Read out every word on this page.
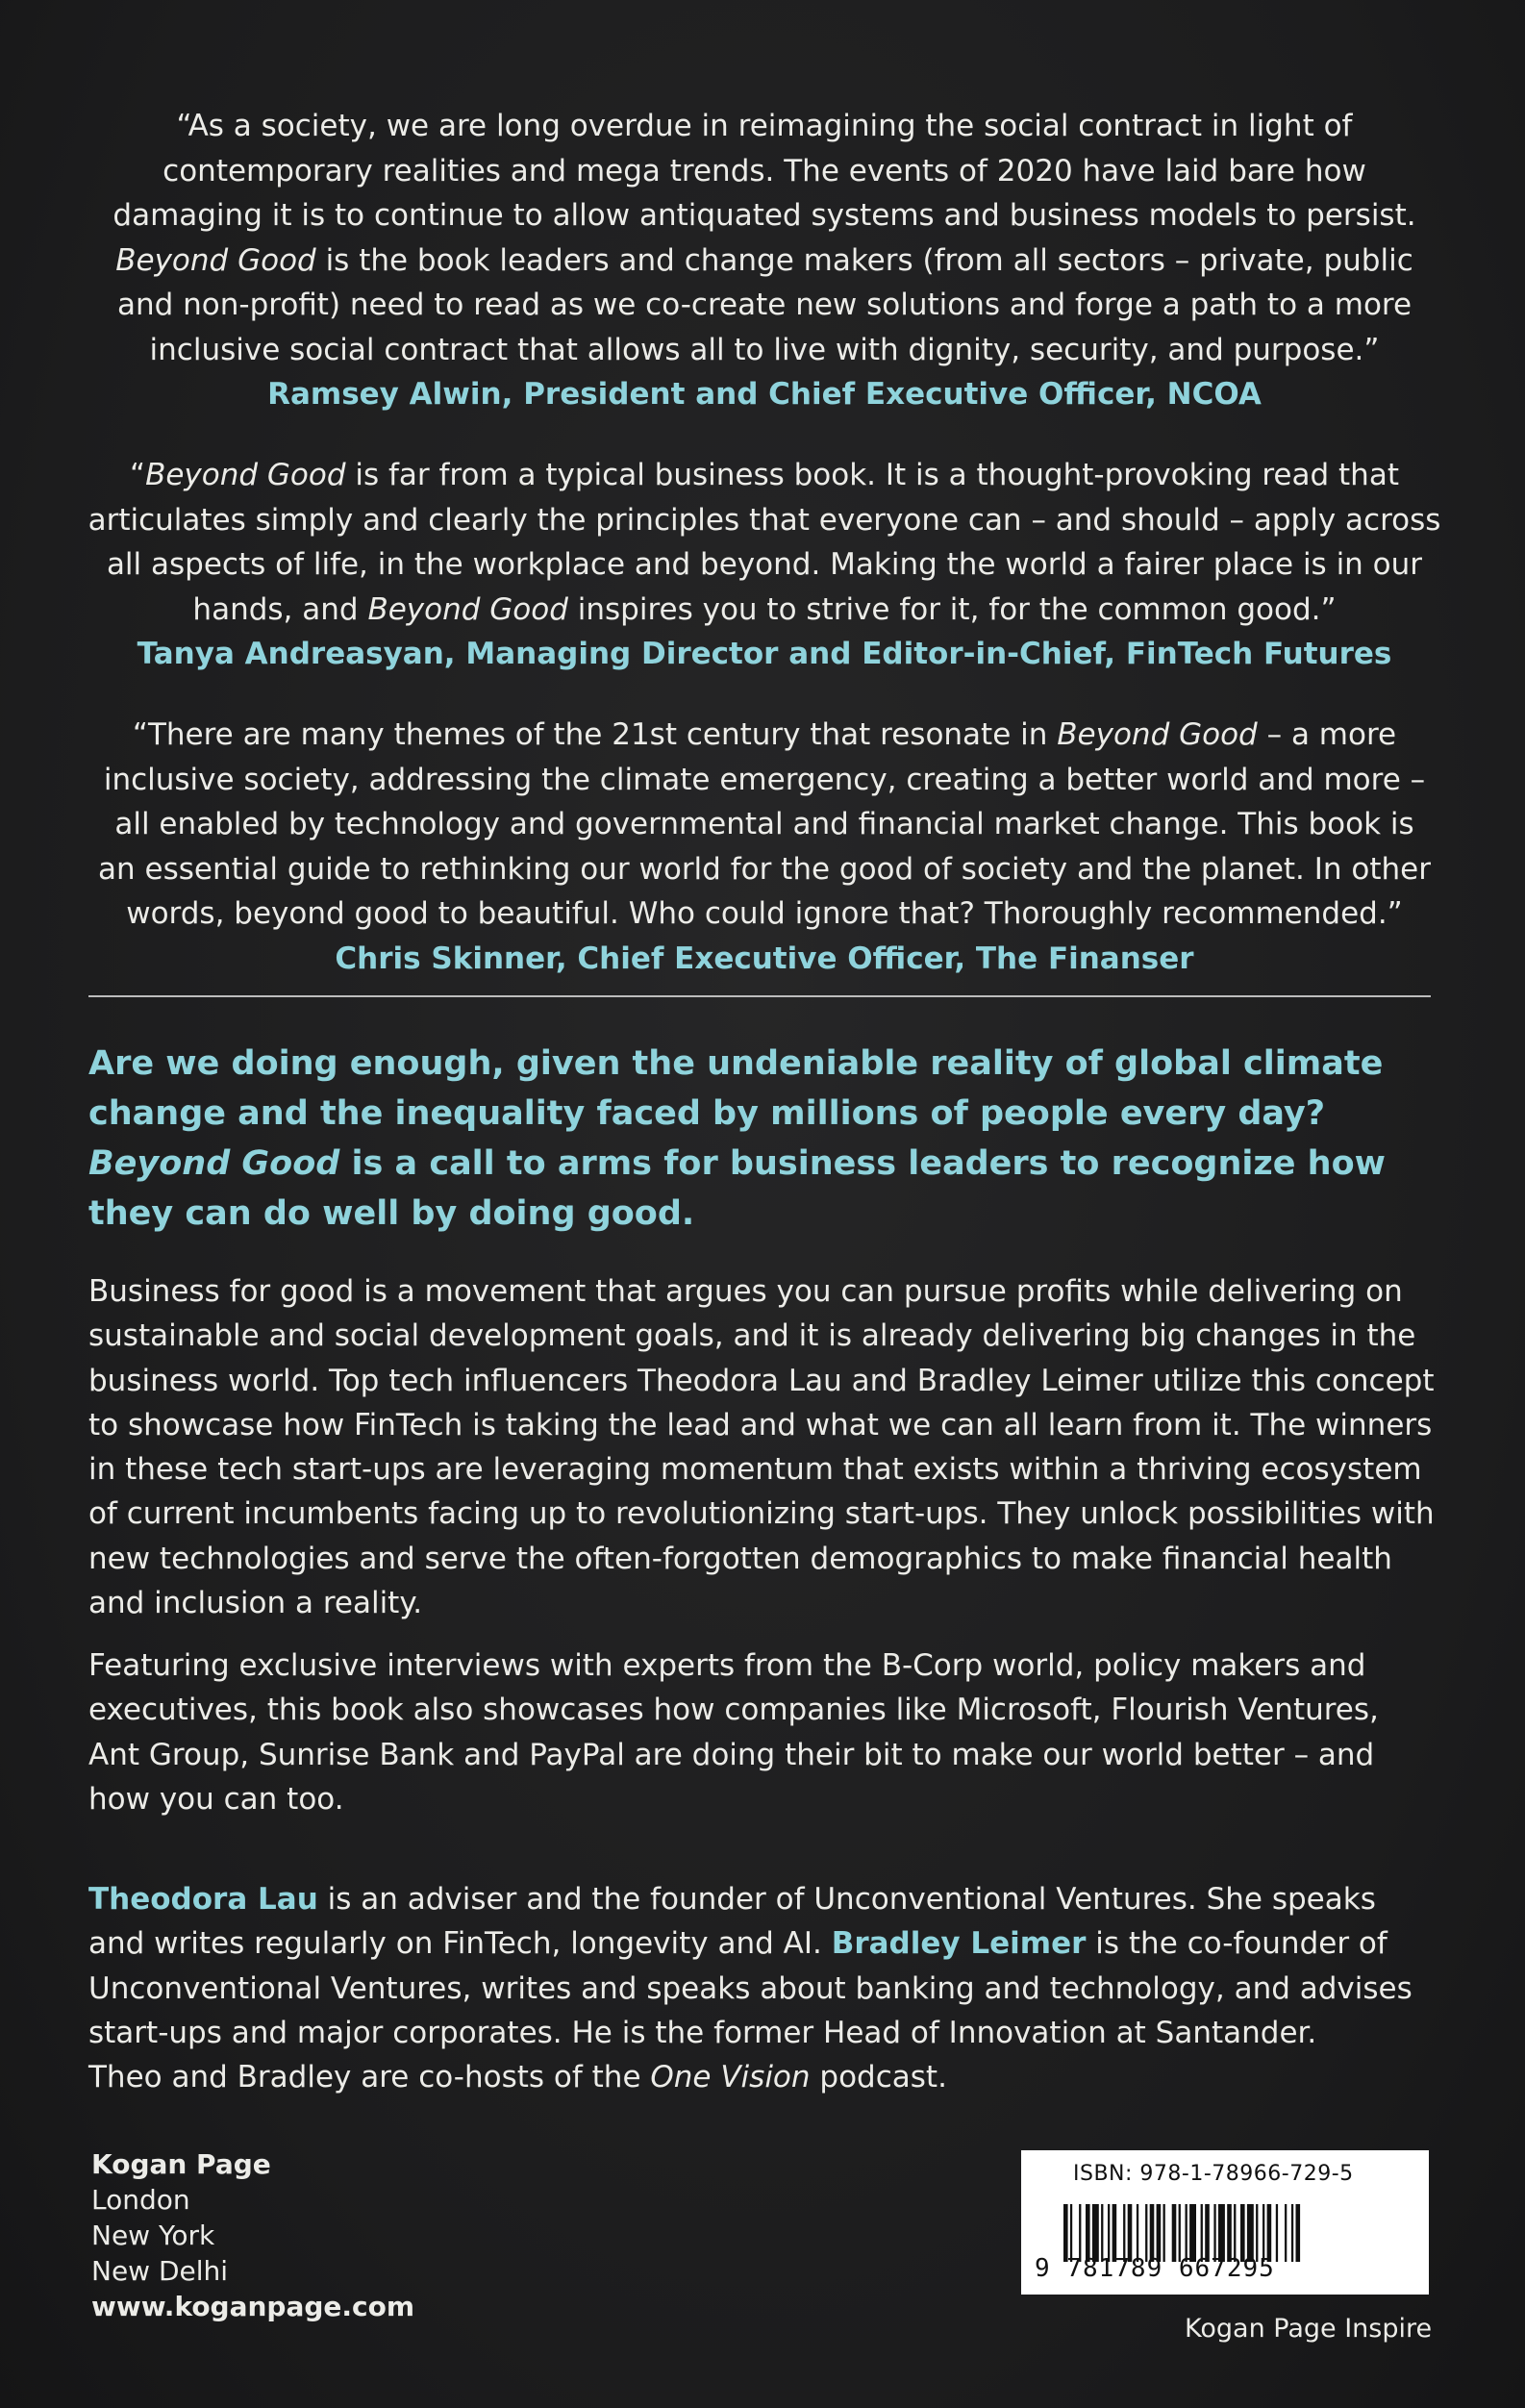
“As a society, we are long overdue in reimagining the social contract in light of
contemporary realities and mega trends. The events of 2020 have laid bare how
damaging it is to continue to allow antiquated systems and business models to persist.
Beyond Good is the book leaders and change makers (from all sectors – private, public
and non-profit) need to read as we co-create new solutions and forge a path to a more
inclusive social contract that allows all to live with dignity, security, and purpose.”
Ramsey Alwin, President and Chief Executive Officer, NCOA
“Beyond Good is far from a typical business book. It is a thought-provoking read that
articulates simply and clearly the principles that everyone can – and should – apply across
all aspects of life, in the workplace and beyond. Making the world a fairer place is in our
hands, and Beyond Good inspires you to strive for it, for the common good.”
Tanya Andreasyan, Managing Director and Editor-in-Chief, FinTech Futures
“There are many themes of the 21st century that resonate in Beyond Good – a more
inclusive society, addressing the climate emergency, creating a better world and more –
all enabled by technology and governmental and financial market change. This book is
an essential guide to rethinking our world for the good of society and the planet. In other
words, beyond good to beautiful. Who could ignore that? Thoroughly recommended.”
Chris Skinner, Chief Executive Officer, The Finanser
Are we doing enough, given the undeniable reality of global climate
change and the inequality faced by millions of people every day?
Beyond Good is a call to arms for business leaders to recognize how
they can do well by doing good.
Business for good is a movement that argues you can pursue profits while delivering on
sustainable and social development goals, and it is already delivering big changes in the
business world. Top tech influencers Theodora Lau and Bradley Leimer utilize this concept
to showcase how FinTech is taking the lead and what we can all learn from it. The winners
in these tech start-ups are leveraging momentum that exists within a thriving ecosystem
of current incumbents facing up to revolutionizing start-ups. They unlock possibilities with
new technologies and serve the often-forgotten demographics to make financial health
and inclusion a reality.
Featuring exclusive interviews with experts from the B-Corp world, policy makers and
executives, this book also showcases how companies like Microsoft, Flourish Ventures,
Ant Group, Sunrise Bank and PayPal are doing their bit to make our world better – and
how you can too.
Theodora Lau is an adviser and the founder of Unconventional Ventures. She speaks
and writes regularly on FinTech, longevity and AI. Bradley Leimer is the co-founder of
Unconventional Ventures, writes and speaks about banking and technology, and advises
start-ups and major corporates. He is the former Head of Innovation at Santander.
Theo and Bradley are co-hosts of the One Vision podcast.
Kogan Page
London
New York
New Delhi
www.koganpage.com
ISBN: 978-1-78966-729-5
9 781789 667295
Kogan Page Inspire
